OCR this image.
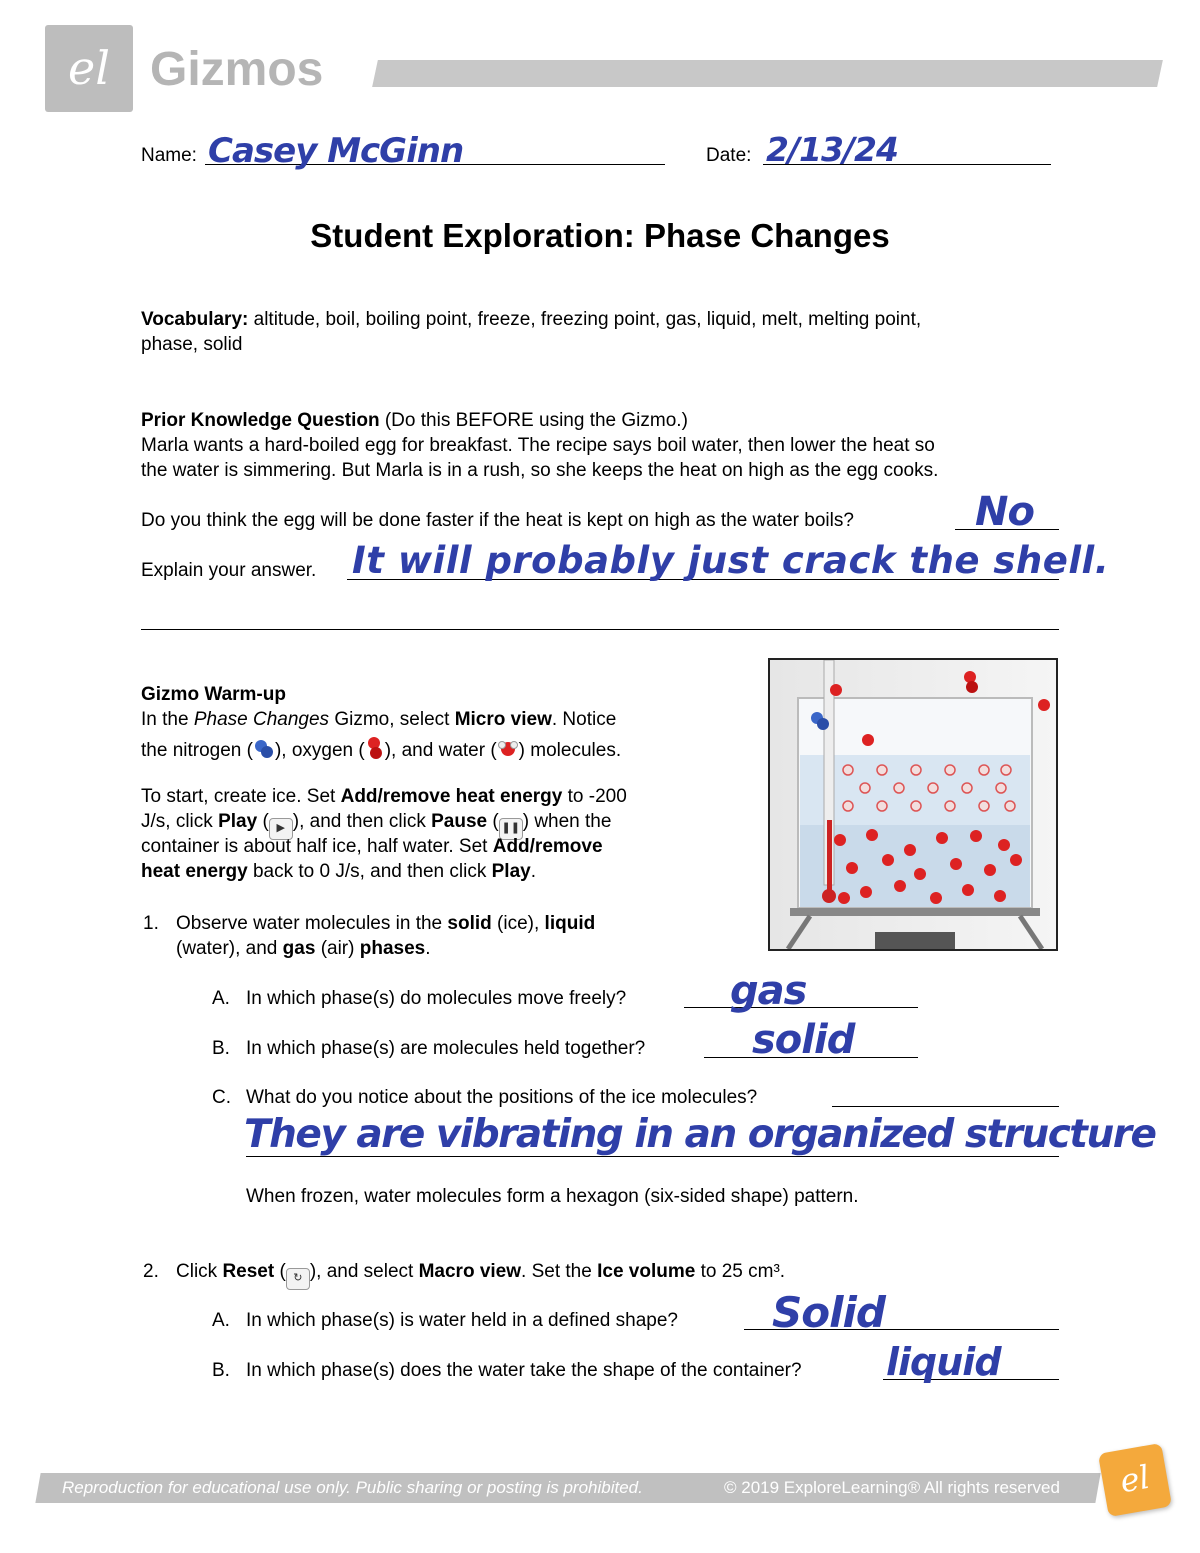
el Gizmos
Name: Casey McGinn	Date: 2/13/24
Student Exploration: Phase Changes
Vocabulary: altitude, boil, boiling point, freeze, freezing point, gas, liquid, melt, melting point,
phase, solid
Prior Knowledge Question (Do this BEFORE using the Gizmo.)
Marla wants a hard-boiled egg for breakfast. The recipe says boil water, then lower the heat so
the water is simmering. But Marla is in a rush, so she keeps the heat on high as the egg cooks.
Do you think the egg will be done faster if the heat is kept on high as the water boils?	No
Explain your answer. It will probably just crack the shell.
Gizmo Warm-up
In the Phase Changes Gizmo, select Micro view. Notice
the nitrogen ( ), oxygen ( ), and water ( ) molecules.
To start, create ice. Set Add/remove heat energy to -200
J/s, click Play ( ▶ ), and then click Pause ( ❚❚ ) when the
container is about half ice, half water. Set Add/remove
heat energy back to 0 J/s, and then click Play.
1. Observe water molecules in the solid (ice), liquid
(water), and gas (air) phases.
A. In which phase(s) do molecules move freely?	gas
B. In which phase(s) are molecules held together?	solid
C. What do you notice about the positions of the ice molecules?
They are vibrating in an organized structure
When frozen, water molecules form a hexagon (six-sided shape) pattern.
2. Click Reset ( ↻ ), and select Macro view. Set the Ice volume to 25 cm³.
A. In which phase(s) is water held in a defined shape? Solid
B. In which phase(s) does the water take the shape of the container? liquid
Reproduction for educational use only. Public sharing or posting is prohibited.	© 2019 ExploreLearning® All rights reserved	el
